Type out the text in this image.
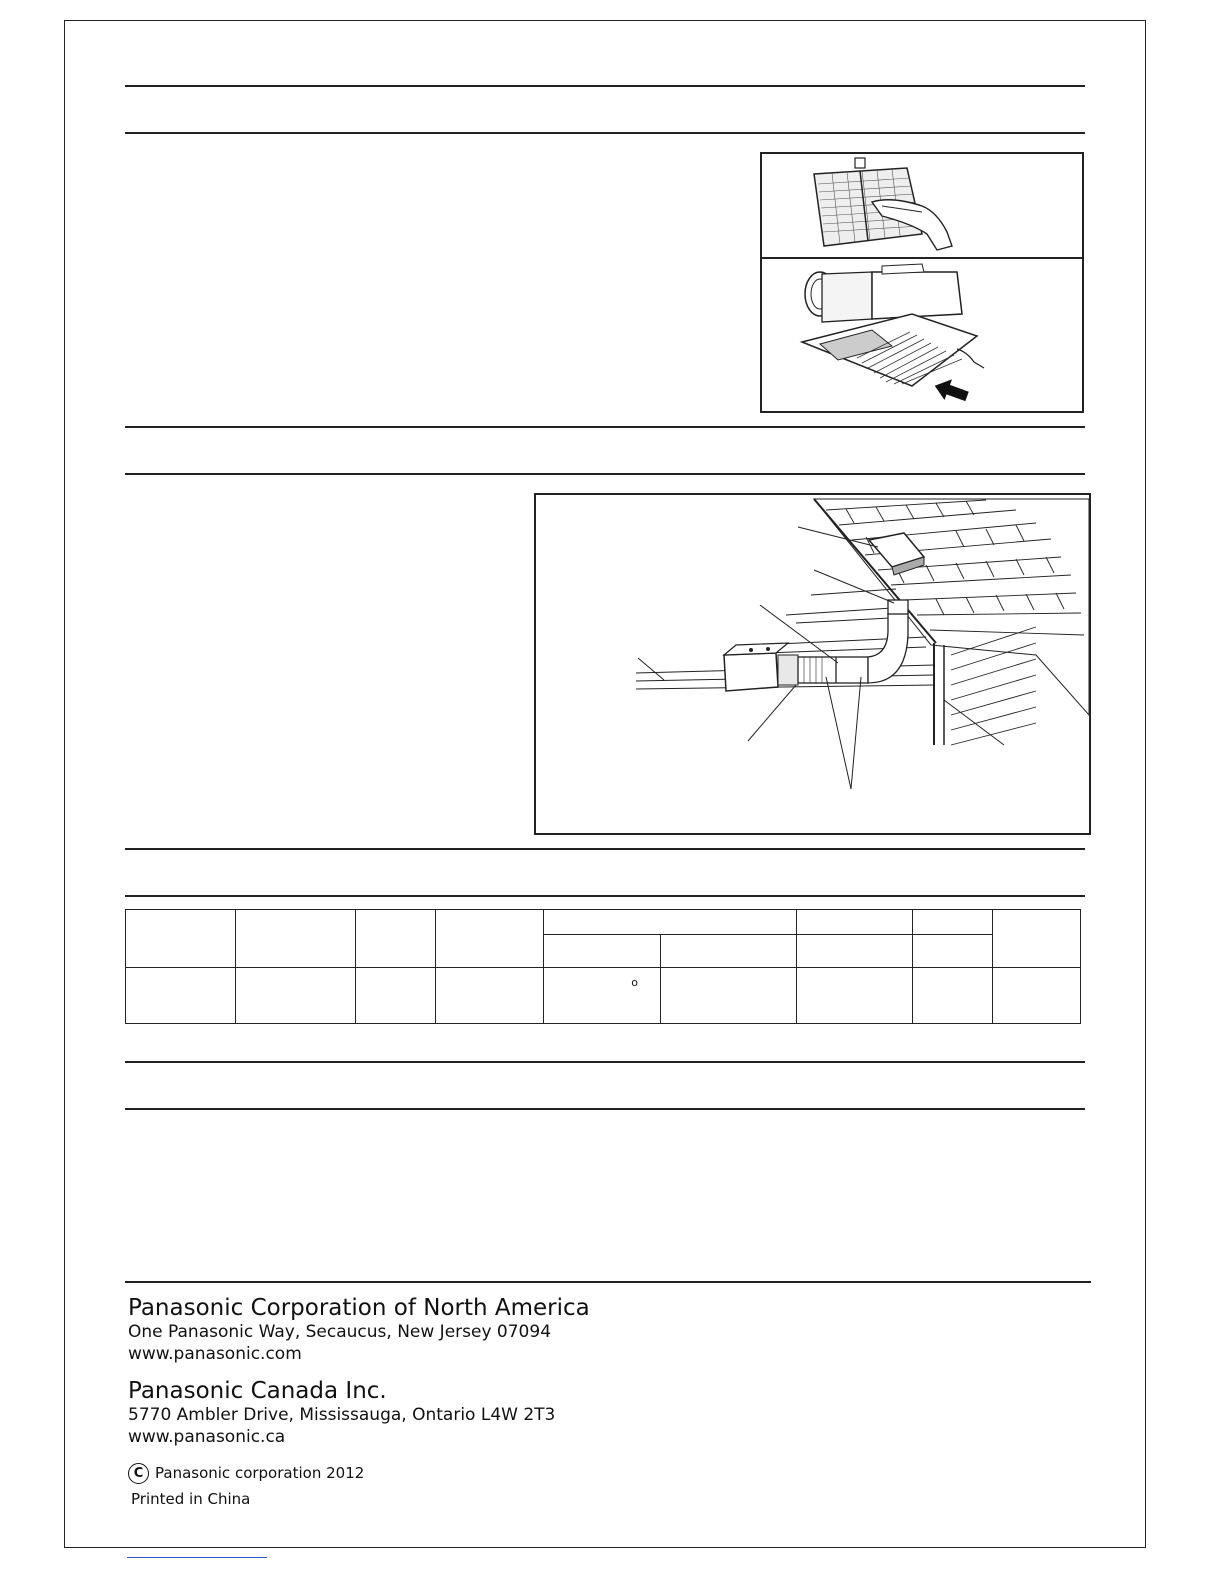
				o				
Panasonic Corporation of North America
One Panasonic Way, Secaucus, New Jersey 07094
www.panasonic.com
Panasonic Canada Inc.
5770 Ambler Drive, Mississauga, Ontario L4W 2T3
www.panasonic.ca
C Panasonic corporation 2012
Printed in China
